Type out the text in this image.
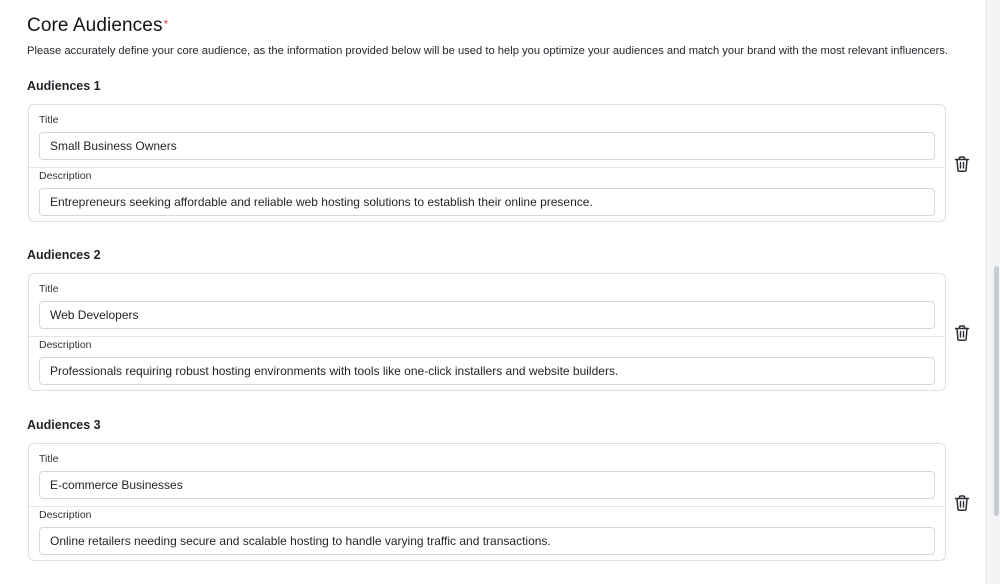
Core Audiences*
Please accurately define your core audience, as the information provided below will be used to help you optimize your audiences and match your brand with the most relevant influencers.
Audiences 1
Title
Small Business Owners
Description
Entrepreneurs seeking affordable and reliable web hosting solutions to establish their online presence.
Audiences 2
Title
Web Developers
Description
Professionals requiring robust hosting environments with tools like one-click installers and website builders.
Audiences 3
Title
E-commerce Businesses
Description
Online retailers needing secure and scalable hosting to handle varying traffic and transactions.
